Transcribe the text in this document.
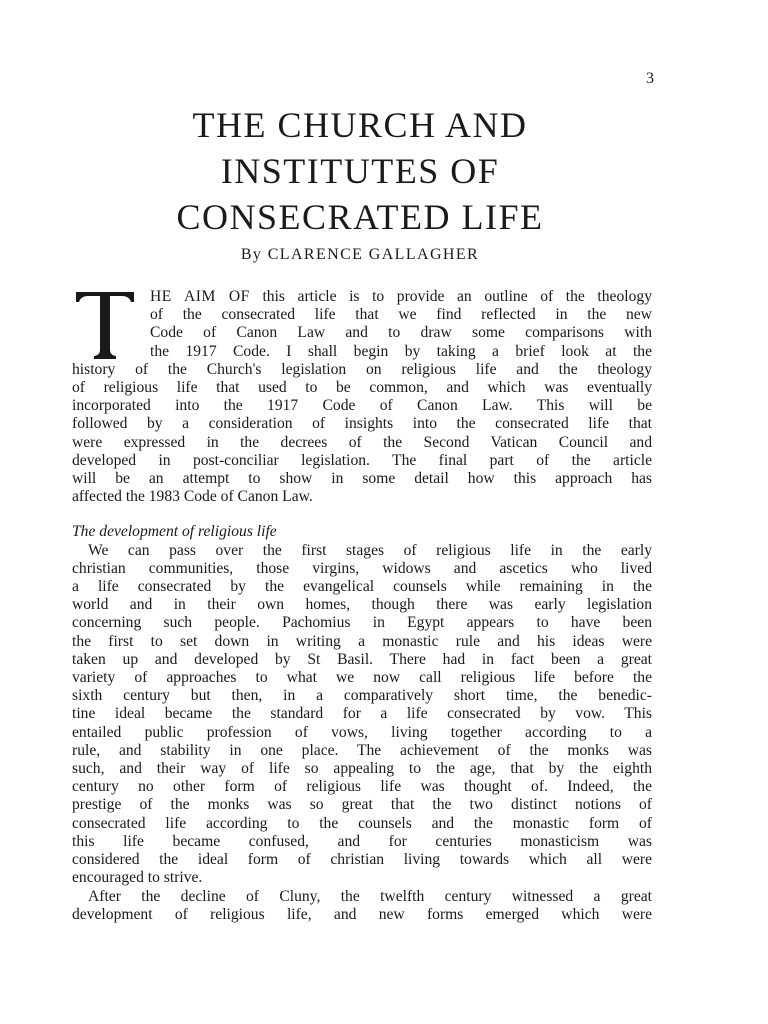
3
THE CHURCH AND
INSTITUTES OF
CONSECRATED LIFE
By CLARENCE GALLAGHER
HE AIM OF this article is to provide an outline of the theology
of the consecrated life that we find reflected in the new
Code of Canon Law and to draw some comparisons with
the 1917 Code. I shall begin by taking a brief look at the
history of the Church's legislation on religious life and the theology
of religious life that used to be common, and which was eventually
incorporated into the 1917 Code of Canon Law. This will be
followed by a consideration of insights into the consecrated life that
were expressed in the decrees of the Second Vatican Council and
developed in post-conciliar legislation. The final part of the article
will be an attempt to show in some detail how this approach has
affected the 1983 Code of Canon Law.
The development of religious life
We can pass over the first stages of religious life in the early
christian communities, those virgins, widows and ascetics who lived
a life consecrated by the evangelical counsels while remaining in the
world and in their own homes, though there was early legislation
concerning such people. Pachomius in Egypt appears to have been
the first to set down in writing a monastic rule and his ideas were
taken up and developed by St Basil. There had in fact been a great
variety of approaches to what we now call religious life before the
sixth century but then, in a comparatively short time, the benedic-
tine ideal became the standard for a life consecrated by vow. This
entailed public profession of vows, living together according to a
rule, and stability in one place. The achievement of the monks was
such, and their way of life so appealing to the age, that by the eighth
century no other form of religious life was thought of. Indeed, the
prestige of the monks was so great that the two distinct notions of
consecrated life according to the counsels and the monastic form of
this life became confused, and for centuries monasticism was
considered the ideal form of christian living towards which all were
encouraged to strive.
After the decline of Cluny, the twelfth century witnessed a great
development of religious life, and new forms emerged which were
